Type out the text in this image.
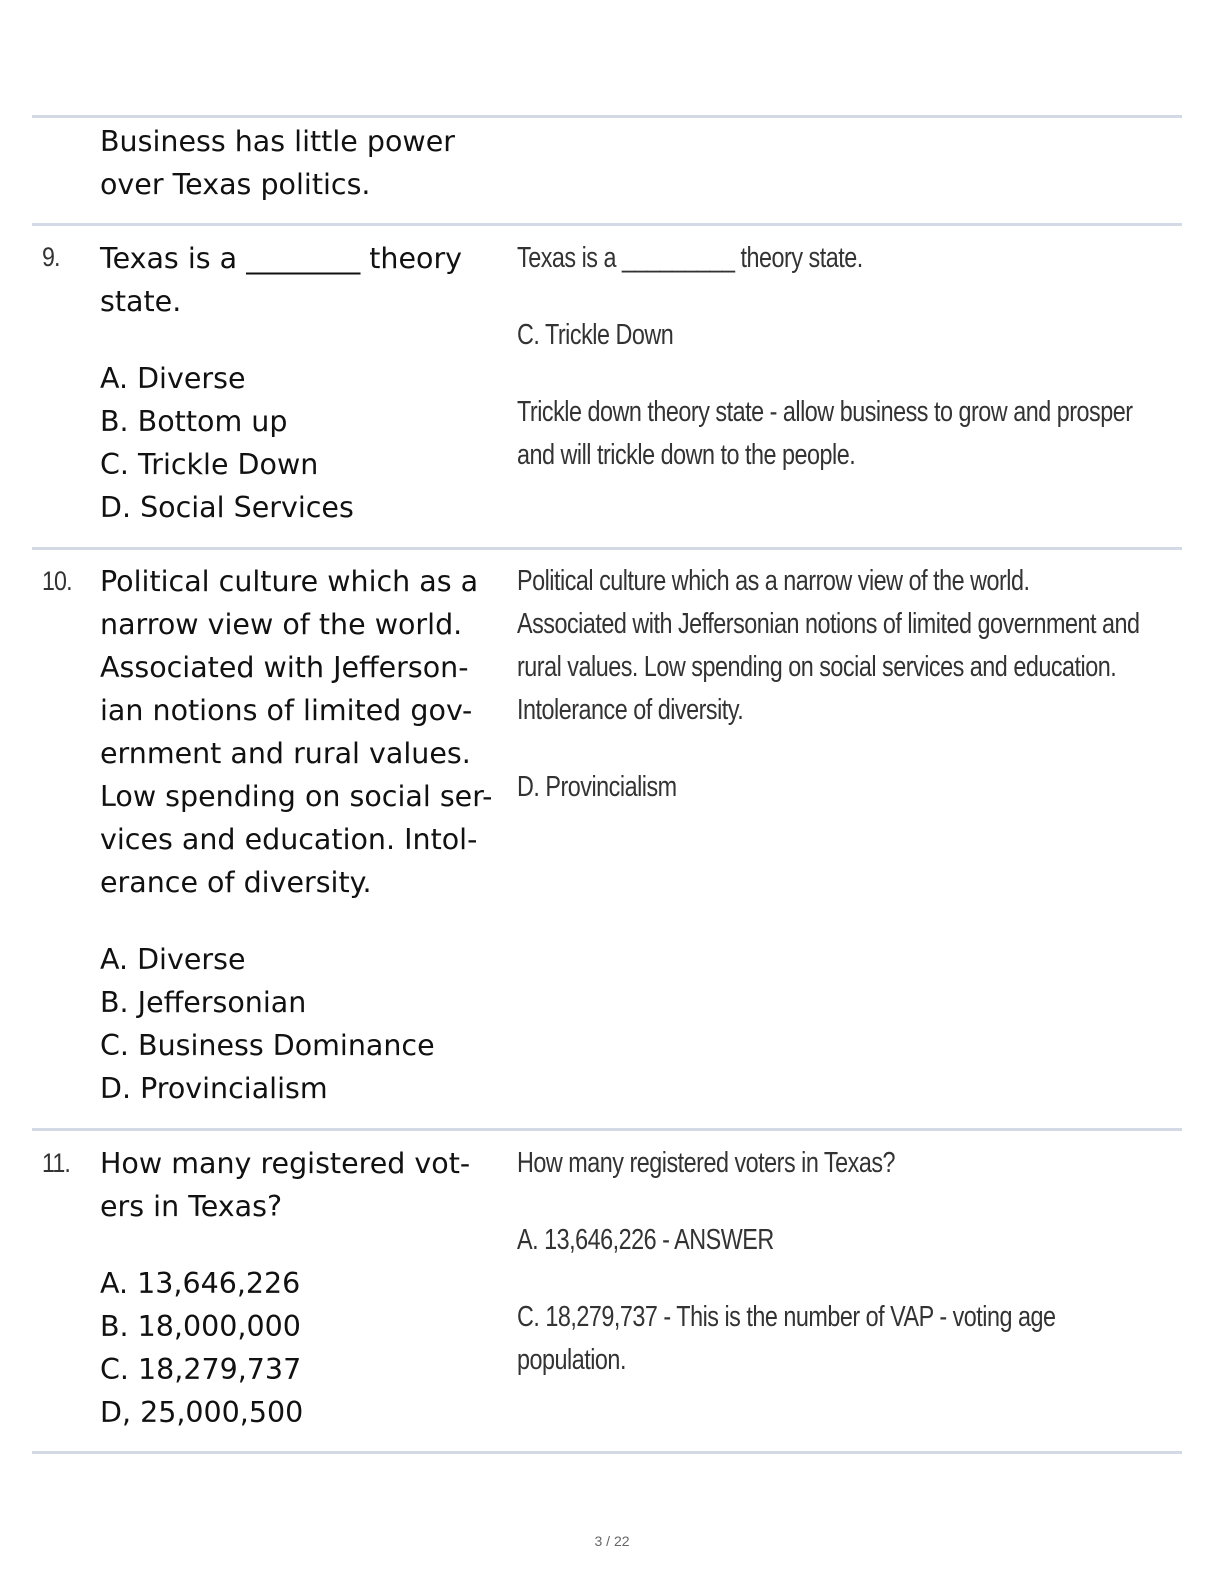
Business has little power over Texas politics.

9. Texas is a ________ theory state.

A. Diverse
B. Bottom up
C. Trickle Down
D. Social Services

Texas is a _________ theory state.

C. Trickle Down

Trickle down theory state - allow business to grow and prosper and will trickle down to the people.

10. Political culture which as a narrow view of the world. Associated with Jefferson-
ian notions of limited gov-
ernment and rural values. Low spending on social ser-
vices and education. Intol-
erance of diversity.

A. Diverse
B. Jeffersonian
C. Business Dominance
D. Provincialism

Political culture which as a narrow view of the world. Associated with Jeffersonian notions of limited government and rural values. Low spending on social services and education. Intolerance of diversity.

D. Provincialism

11. How many registered vot-
ers in Texas?

A. 13,646,226
B. 18,000,000
C. 18,279,737
D, 25,000,500

How many registered voters in Texas?

A. 13,646,226 - ANSWER

C. 18,279,737 - This is the number of VAP - voting age population.

3 / 22
